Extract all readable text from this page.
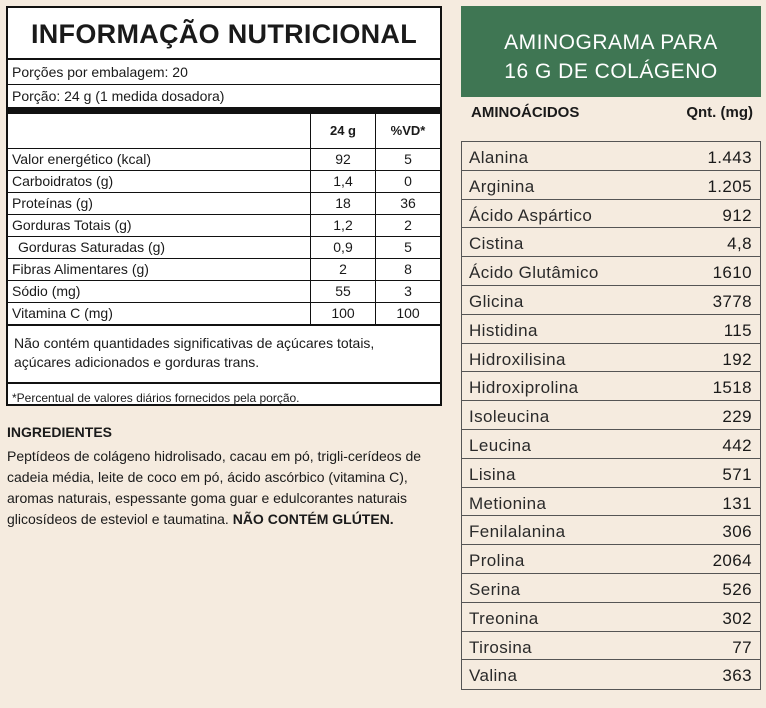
INFORMAÇÃO NUTRICIONAL
Porções por embalagem: 20
Porção: 24 g (1 medida dosadora)
	24 g	%VD*
Valor energético (kcal)	92	5
Carboidratos (g)	1,4	0
Proteínas (g)	18	36
Gorduras Totais (g)	1,2	2
Gorduras Saturadas (g)	0,9	5
Fibras Alimentares (g)	2	8
Sódio (mg)	55	3
Vitamina C (mg)	100	100
Não contém quantidades significativas de açúcares totais, açúcares adicionados e gorduras trans.
*Percentual de valores diários fornecidos pela porção.
INGREDIENTES
Peptídeos de colágeno hidrolisado, cacau em pó, trigli-cerídeos de cadeia média, leite de coco em pó, ácido ascórbico (vitamina C), aromas naturais, espessante goma guar e edulcorantes naturais glicosídeos de esteviol e taumatina. NÃO CONTÉM GLÚTEN.
AMINOGRAMA PARA
16 G DE COLÁGENO
AMINOÁCIDOS	Qnt. (mg)
Alanina	1.443
Arginina	1.205
Ácido Aspártico	912
Cistina	4,8
Ácido Glutâmico	1610
Glicina	3778
Histidina	115
Hidroxilisina	192
Hidroxiprolina	1518
Isoleucina	229
Leucina	442
Lisina	571
Metionina	131
Fenilalanina	306
Prolina	2064
Serina	526
Treonina	302
Tirosina	77
Valina	363
